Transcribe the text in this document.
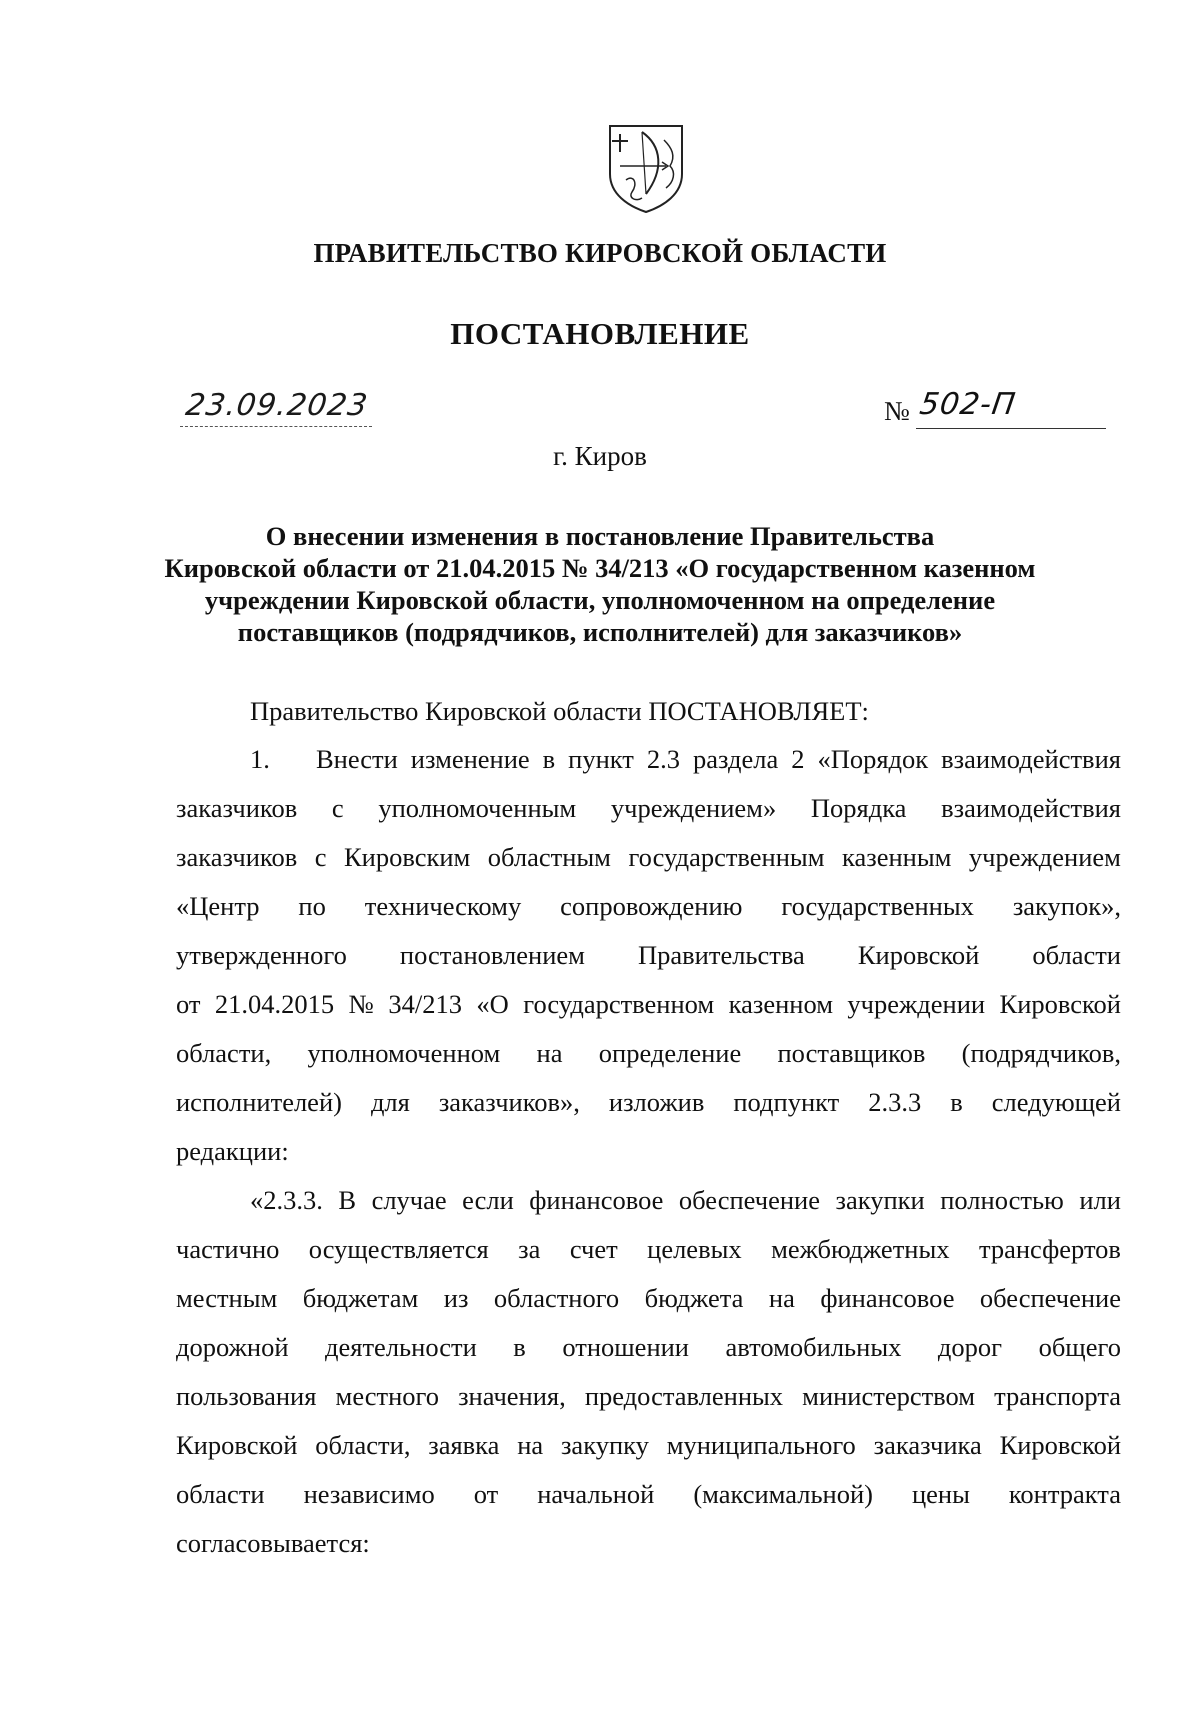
ПРАВИТЕЛЬСТВО КИРОВСКОЙ ОБЛАСТИ
ПОСТАНОВЛЕНИЕ
23.09.2023	№ 502-П
г. Киров
О внесении изменения в постановление Правительства
Кировской области от 21.04.2015 № 34/213 «О государственном казенном
учреждении Кировской области, уполномоченном на определение
поставщиков (подрядчиков, исполнителей) для заказчиков»
Правительство Кировской области ПОСТАНОВЛЯЕТ:
1. Внести изменение в пункт 2.3 раздела 2 «Порядок взаимодействия
заказчиков с уполномоченным учреждением» Порядка взаимодействия
заказчиков с Кировским областным государственным казенным учреждением
«Центр по техническому сопровождению государственных закупок»,
утвержденного постановлением Правительства Кировской области
от 21.04.2015 № 34/213 «О государственном казенном учреждении Кировской
области, уполномоченном на определение поставщиков (подрядчиков,
исполнителей) для заказчиков», изложив подпункт 2.3.3 в следующей
редакции:
«2.3.3. В случае если финансовое обеспечение закупки полностью или
частично осуществляется за счет целевых межбюджетных трансфертов
местным бюджетам из областного бюджета на финансовое обеспечение
дорожной деятельности в отношении автомобильных дорог общего
пользования местного значения, предоставленных министерством транспорта
Кировской области, заявка на закупку муниципального заказчика Кировской
области независимо от начальной (максимальной) цены контракта
согласовывается:
